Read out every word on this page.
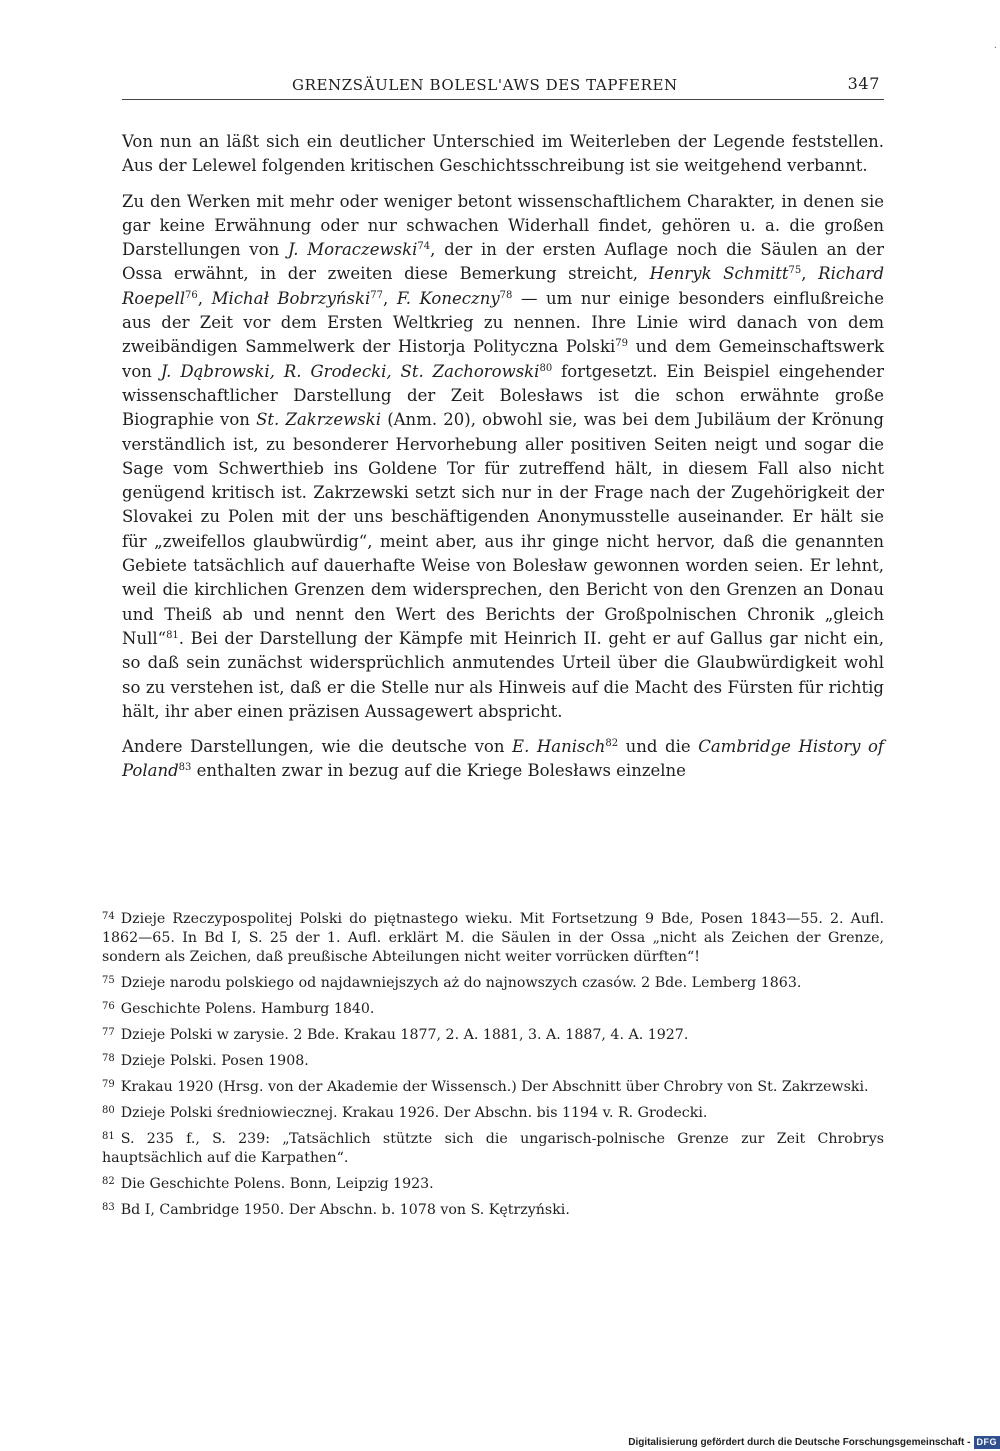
.
GRENZSÄULEN BOLESL'AWS DES TAPFEREN	347

Von nun an läßt sich ein deutlicher Unterschied im Weiterleben der Legende feststellen. Aus der Lelewel folgenden kritischen Geschichtsschreibung ist sie weitgehend verbannt.

Zu den Werken mit mehr oder weniger betont wissenschaftlichem Charakter, in denen sie gar keine Erwähnung oder nur schwachen Widerhall findet, gehören u. a. die großen Darstellungen von J. Moraczewski$^{74}$, der in der ersten Auflage noch die Säulen an der Ossa erwähnt, in der zweiten diese Bemerkung streicht, Henryk Schmitt$^{75}$, Richard Roepell$^{76}$, Michał Bobrzyński$^{77}$, F. Koneczny$^{78}$ — um nur einige besonders einflußreiche aus der Zeit vor dem Ersten Weltkrieg zu nennen. Ihre Linie wird danach von dem zweibändigen Sammelwerk der Historja Polityczna Polski$^{79}$ und dem Gemeinschaftswerk von J. Dąbrowski, R. Grodecki, St. Zachorowski$^{80}$ fortgesetzt. Ein Beispiel eingehender wissenschaftlicher Darstellung der Zeit Bolesławs ist die schon erwähnte große Biographie von St. Zakrzewski (Anm. 20), obwohl sie, was bei dem Jubiläum der Krönung verständlich ist, zu besonderer Hervorhebung aller positiven Seiten neigt und sogar die Sage vom Schwerthieb ins Goldene Tor für zutreffend hält, in diesem Fall also nicht genügend kritisch ist. Zakrzewski setzt sich nur in der Frage nach der Zugehörigkeit der Slovakei zu Polen mit der uns beschäftigenden Anonymusstelle auseinander. Er hält sie für „zweifellos glaubwürdig“, meint aber, aus ihr ginge nicht hervor, daß die genannten Gebiete tatsächlich auf dauerhafte Weise von Bolesław gewonnen worden seien. Er lehnt, weil die kirchlichen Grenzen dem widersprechen, den Bericht von den Grenzen an Donau und Theiß ab und nennt den Wert des Berichts der Großpolnischen Chronik „gleich Null“$^{81}$. Bei der Darstellung der Kämpfe mit Heinrich II. geht er auf Gallus gar nicht ein, so daß sein zunächst widersprüchlich anmutendes Urteil über die Glaubwürdigkeit wohl so zu verstehen ist, daß er die Stelle nur als Hinweis auf die Macht des Fürsten für richtig hält, ihr aber einen präzisen Aussagewert abspricht.

Andere Darstellungen, wie die deutsche von E. Hanisch$^{82}$ und die Cambridge History of Poland$^{83}$ enthalten zwar in bezug auf die Kriege Bolesławs einzelne

$^{74}$ Dzieje Rzeczypospolitej Polski do piętnastego wieku. Mit Fortsetzung 9 Bde, Posen 1843—55. 2. Aufl. 1862—65. In Bd I, S. 25 der 1. Aufl. erklärt M. die Säulen in der Ossa „nicht als Zeichen der Grenze, sondern als Zeichen, daß preußische Abteilungen nicht weiter vorrücken dürften“!

$^{75}$ Dzieje narodu polskiego od najdawniejszych aż do najnowszych czasów. 2 Bde. Lemberg 1863.

$^{76}$ Geschichte Polens. Hamburg 1840.

$^{77}$ Dzieje Polski w zarysie. 2 Bde. Krakau 1877, 2. A. 1881, 3. A. 1887, 4. A. 1927.

$^{78}$ Dzieje Polski. Posen 1908.

$^{79}$ Krakau 1920 (Hrsg. von der Akademie der Wissensch.) Der Abschnitt über Chrobry von St. Zakrzewski.

$^{80}$ Dzieje Polski średniowiecznej. Krakau 1926. Der Abschn. bis 1194 v. R. Grodecki.

$^{81}$ S. 235 f., S. 239: „Tatsächlich stützte sich die ungarisch-polnische Grenze zur Zeit Chrobrys hauptsächlich auf die Karpathen“.

$^{82}$ Die Geschichte Polens. Bonn, Leipzig 1923.

$^{83}$ Bd I, Cambridge 1950. Der Abschn. b. 1078 von S. Kętrzyński.

Digitalisierung gefördert durch die Deutsche Forschungsgemeinschaft - DFG
